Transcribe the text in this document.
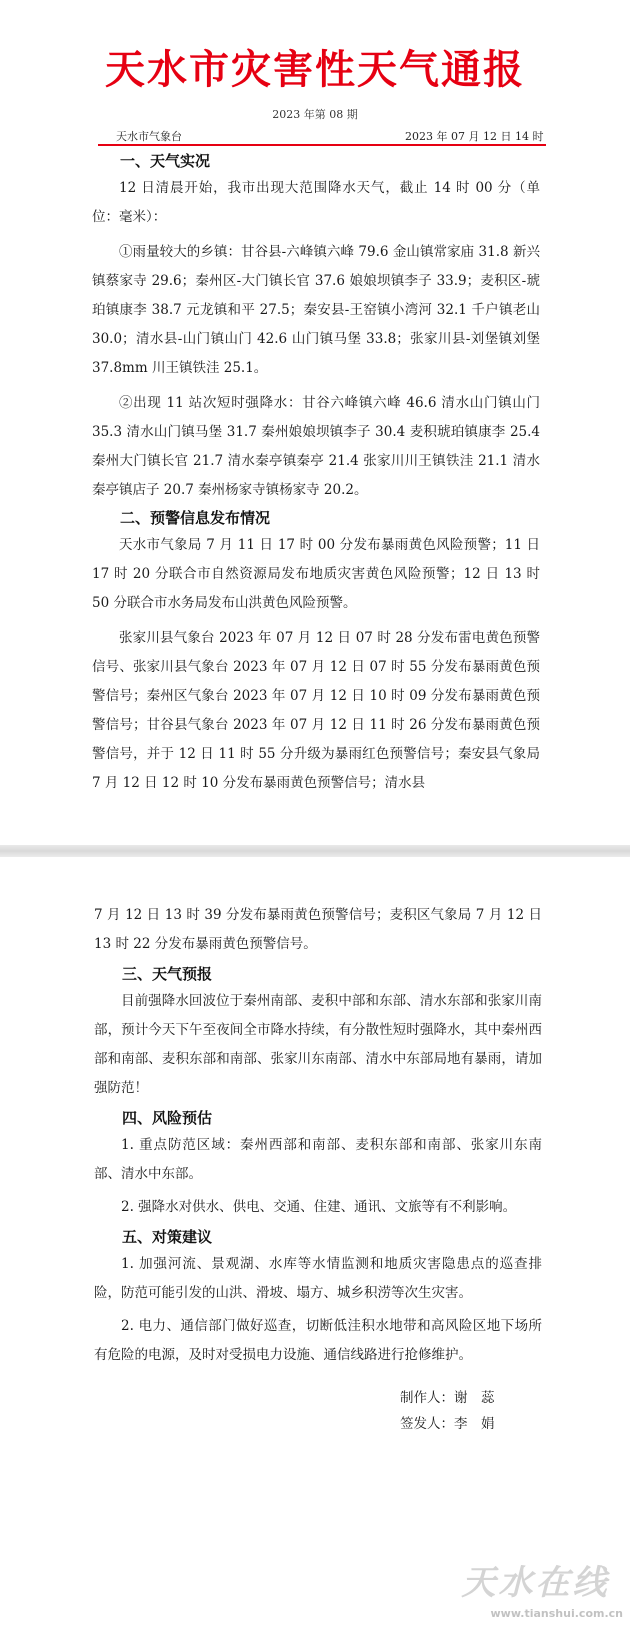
天水市灾害性天气通报
2023 年第 08 期
天水市气象台	2023 年 07 月 12 日 14 时
一、天气实况
12 日清晨开始，我市出现大范围降水天气，截止 14 时 00 分（单位：毫米）：
①雨量较大的乡镇：甘谷县-六峰镇六峰 79.6 金山镇常家庙 31.8 新兴镇蔡家寺 29.6；秦州区-大门镇长官 37.6 娘娘坝镇李子 33.9；麦积区-琥珀镇康李 38.7 元龙镇和平 27.5；秦安县-王窑镇小湾河 32.1 千户镇老山 30.0；清水县-山门镇山门 42.6 山门镇马堡 33.8；张家川县-刘堡镇刘堡 37.8mm 川王镇铁洼 25.1。
②出现 11 站次短时强降水：甘谷六峰镇六峰 46.6 清水山门镇山门 35.3 清水山门镇马堡 31.7 秦州娘娘坝镇李子 30.4 麦积琥珀镇康李 25.4 秦州大门镇长官 21.7 清水秦亭镇秦亭 21.4 张家川川王镇铁洼 21.1 清水秦亭镇店子 20.7 秦州杨家寺镇杨家寺 20.2。
二、预警信息发布情况
天水市气象局 7 月 11 日 17 时 00 分发布暴雨黄色风险预警；11 日 17 时 20 分联合市自然资源局发布地质灾害黄色风险预警；12 日 13 时 50 分联合市水务局发布山洪黄色风险预警。
张家川县气象台 2023 年 07 月 12 日 07 时 28 分发布雷电黄色预警信号、张家川县气象台 2023 年 07 月 12 日 07 时 55 分发布暴雨黄色预警信号；秦州区气象台 2023 年 07 月 12 日 10 时 09 分发布暴雨黄色预警信号；甘谷县气象台 2023 年 07 月 12 日 11 时 26 分发布暴雨黄色预警信号，并于 12 日 11 时 55 分升级为暴雨红色预警信号；秦安县气象局 7 月 12 日 12 时 10 分发布暴雨黄色预警信号；清水县
7 月 12 日 13 时 39 分发布暴雨黄色预警信号；麦积区气象局 7 月 12 日 13 时 22 分发布暴雨黄色预警信号。
三、天气预报
目前强降水回波位于秦州南部、麦积中部和东部、清水东部和张家川南部，预计今天下午至夜间全市降水持续，有分散性短时强降水，其中秦州西部和南部、麦积东部和南部、张家川东南部、清水中东部局地有暴雨，请加强防范！
四、风险预估
1. 重点防范区域：秦州西部和南部、麦积东部和南部、张家川东南部、清水中东部。
2. 强降水对供水、供电、交通、住建、通讯、文旅等有不利影响。
五、对策建议
1. 加强河流、景观湖、水库等水情监测和地质灾害隐患点的巡查排险，防范可能引发的山洪、滑坡、塌方、城乡积涝等次生灾害。
2. 电力、通信部门做好巡查，切断低洼积水地带和高风险区地下场所有危险的电源，及时对受损电力设施、通信线路进行抢修维护。
制作人：谢　蕊
签发人：李　娟
天水在线
www.tianshui.com.cn
